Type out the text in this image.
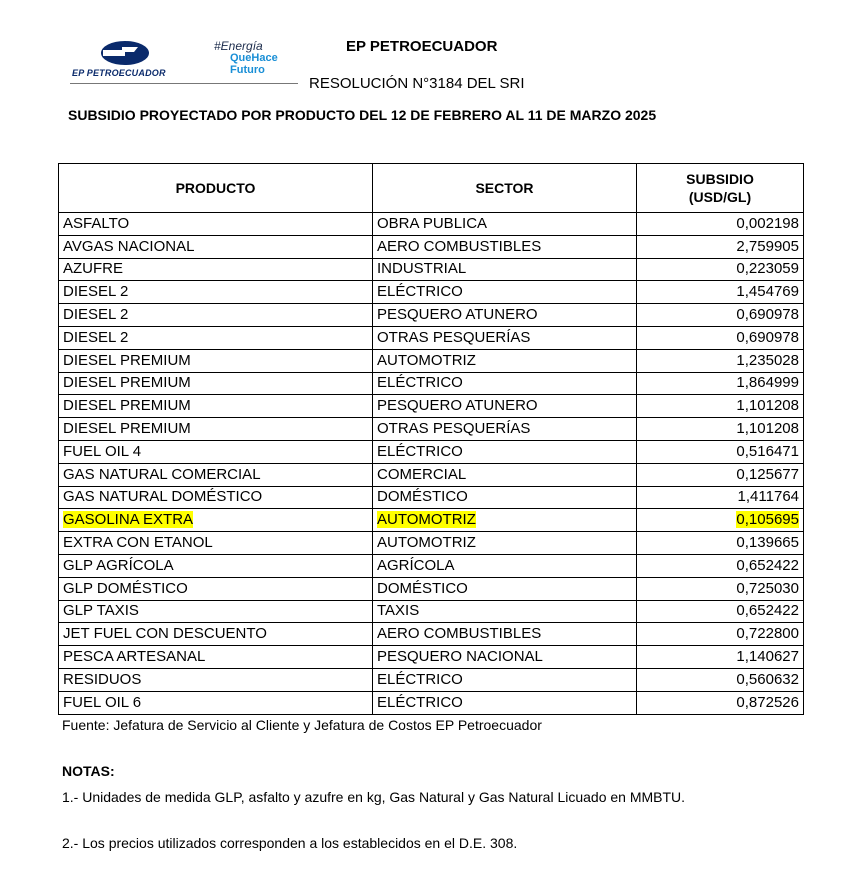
EP PETROECUADOR
#Energía
QueHace
Futuro
EP PETROECUADOR
RESOLUCIÓN N°3184 DEL SRI
SUBSIDIO PROYECTADO POR PRODUCTO DEL 12 DE FEBRERO AL 11 DE MARZO 2025
PRODUCTO	SECTOR	SUBSIDIO
(USD/GL)
ASFALTO	OBRA PUBLICA	0,002198
AVGAS NACIONAL	AERO COMBUSTIBLES	2,759905
AZUFRE	INDUSTRIAL	0,223059
DIESEL 2	ELÉCTRICO	1,454769
DIESEL 2	PESQUERO ATUNERO	0,690978
DIESEL 2	OTRAS PESQUERÍAS	0,690978
DIESEL PREMIUM	AUTOMOTRIZ	1,235028
DIESEL PREMIUM	ELÉCTRICO	1,864999
DIESEL PREMIUM	PESQUERO ATUNERO	1,101208
DIESEL PREMIUM	OTRAS PESQUERÍAS	1,101208
FUEL OIL 4	ELÉCTRICO	0,516471
GAS NATURAL COMERCIAL	COMERCIAL	0,125677
GAS NATURAL DOMÉSTICO	DOMÉSTICO	1,411764
GASOLINA EXTRA	AUTOMOTRIZ	0,105695
EXTRA CON ETANOL	AUTOMOTRIZ	0,139665
GLP AGRÍCOLA	AGRÍCOLA	0,652422
GLP DOMÉSTICO	DOMÉSTICO	0,725030
GLP TAXIS	TAXIS	0,652422
JET FUEL CON DESCUENTO	AERO COMBUSTIBLES	0,722800
PESCA ARTESANAL	PESQUERO NACIONAL	1,140627
RESIDUOS	ELÉCTRICO	0,560632
FUEL OIL 6	ELÉCTRICO	0,872526
Fuente: Jefatura de Servicio al Cliente y Jefatura de Costos EP Petroecuador
NOTAS:
1.- Unidades de medida GLP, asfalto y azufre en kg, Gas Natural y Gas Natural Licuado en MMBTU.
2.- Los precios utilizados corresponden a los establecidos en el D.E. 308.
